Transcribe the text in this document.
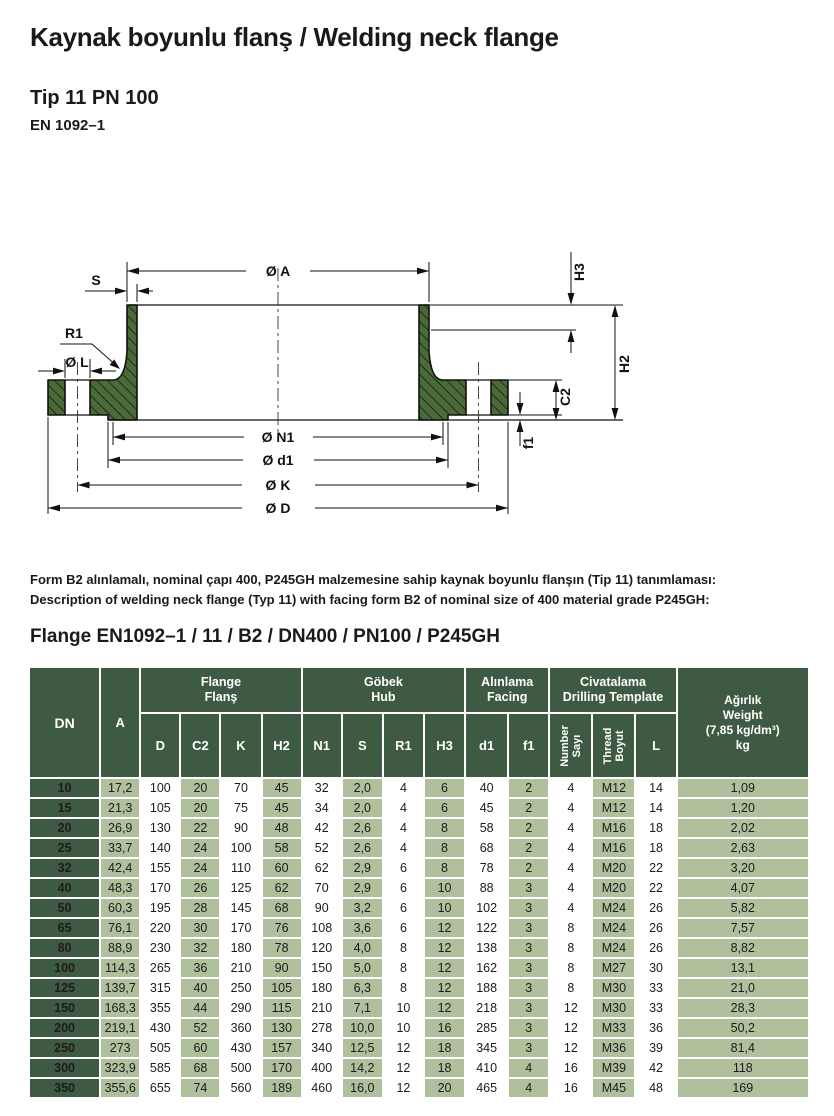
Kaynak boyunlu flanş / Welding neck flange
Tip 11 PN 100
EN 1092–1
Ø A
S
R1
Ø L
H3
H2
C2
f1
Ø N1
Ø d1
Ø K
Ø D
Form B2 alınlamalı, nominal çapı 400, P245GH malzemesine sahip kaynak boyunlu flanşın (Tip 11) tanımlaması:
Description of welding neck flange (Typ 11) with facing form B2 of nominal size of 400 material grade P245GH:
Flange EN1092–1 / 11 / B2 / DN400 / PN100 / P245GH
DN	A	
Flange
Flanş

Göbek
Hub

Alınlama
Facing

Civatalama
Drilling Template	Ağırlık
Weight
(7,85 kg/dm³)
kg

		D	C2	K	H2	N1	S	R1	H3	d1	f1	Number Sayı	Thread Boyut	L	
10	17,2	100	20	70	45	32	2,0	4	6	40	2	4	M12	14	1,09
15	21,3	105	20	75	45	34	2,0	4	6	45	2	4	M12	14	1,20
20	26,9	130	22	90	48	42	2,6	4	8	58	2	4	M16	18	2,02
25	33,7	140	24	100	58	52	2,6	4	8	68	2	4	M16	18	2,63
32	42,4	155	24	110	60	62	2,9	6	8	78	2	4	M20	22	3,20
40	48,3	170	26	125	62	70	2,9	6	10	88	3	4	M20	22	4,07
50	60,3	195	28	145	68	90	3,2	6	10	102	3	4	M24	26	5,82
65	76,1	220	30	170	76	108	3,6	6	12	122	3	8	M24	26	7,57
80	88,9	230	32	180	78	120	4,0	8	12	138	3	8	M24	26	8,82
100	114,3	265	36	210	90	150	5,0	8	12	162	3	8	M27	30	13,1
125	139,7	315	40	250	105	180	6,3	8	12	188	3	8	M30	33	21,0
150	168,3	355	44	290	115	210	7,1	10	12	218	3	12	M30	33	28,3
200	219,1	430	52	360	130	278	10,0	10	16	285	3	12	M33	36	50,2
250	273	505	60	430	157	340	12,5	12	18	345	3	12	M36	39	81,4
300	323,9	585	68	500	170	400	14,2	12	18	410	4	16	M39	42	118
350	355,6	655	74	560	189	460	16,0	12	20	465	4	16	M45	48	169
